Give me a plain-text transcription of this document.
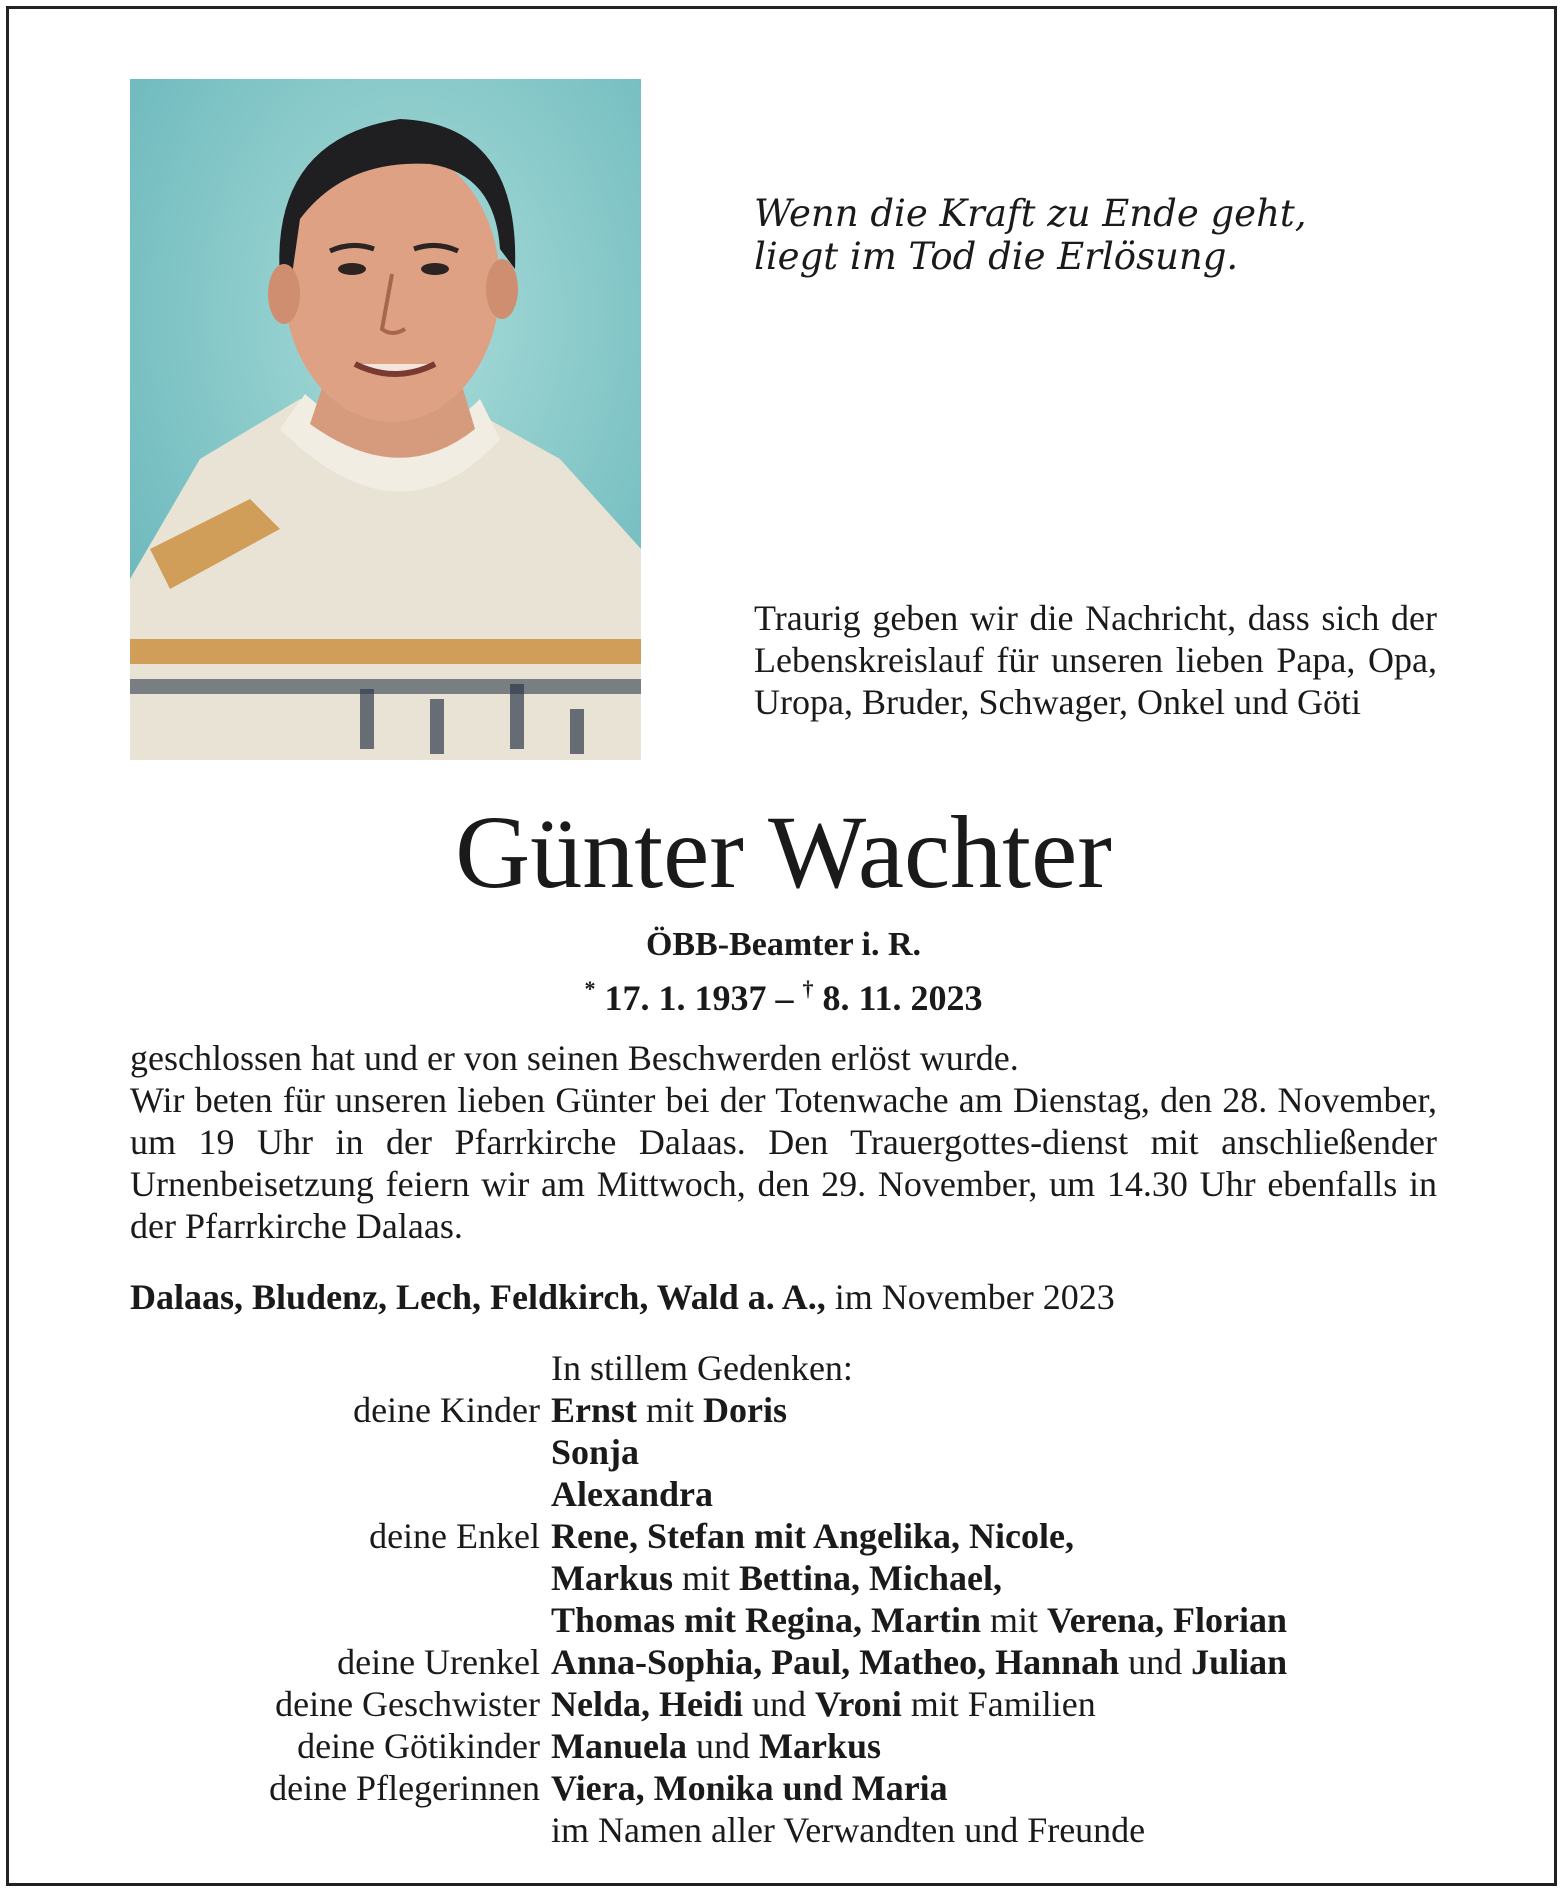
Wenn die Kraft zu Ende geht,
liegt im Tod die Erlösung.
Traurig geben wir die Nachricht, dass sich der Lebenskreislauf für unseren lieben Papa, Opa, Uropa, Bruder, Schwager, Onkel und Göti
Günter Wachter
ÖBB-Beamter i. R.
* 17. 1. 1937 – † 8. 11. 2023

geschlossen hat und er von seinen Beschwerden erlöst wurde.

Wir beten für unseren lieben Günter bei der Totenwache am Dienstag, den 28. November, um 19 Uhr in der Pfarrkirche Dalaas. Den Trauergottes-dienst mit anschließender Urnenbeisetzung feiern wir am Mittwoch, den 29. November, um 14.30 Uhr ebenfalls in der Pfarrkirche Dalaas.

Dalaas, Bludenz, Lech, Feldkirch, Wald a. A., im November 2023
In stillem Gedenken:
deine Kinder Ernst mit Doris
Sonja
Alexandra
deine Enkel Rene, Stefan mit Angelika, Nicole,
Markus mit Bettina, Michael,
Thomas mit Regina, Martin mit Verena, Florian
deine Urenkel Anna-Sophia, Paul, Matheo, Hannah und Julian
deine Geschwister Nelda, Heidi und Vroni mit Familien
deine Götikinder Manuela und Markus
deine Pflegerinnen Viera, Monika und Maria
im Namen aller Verwandten und Freunde
